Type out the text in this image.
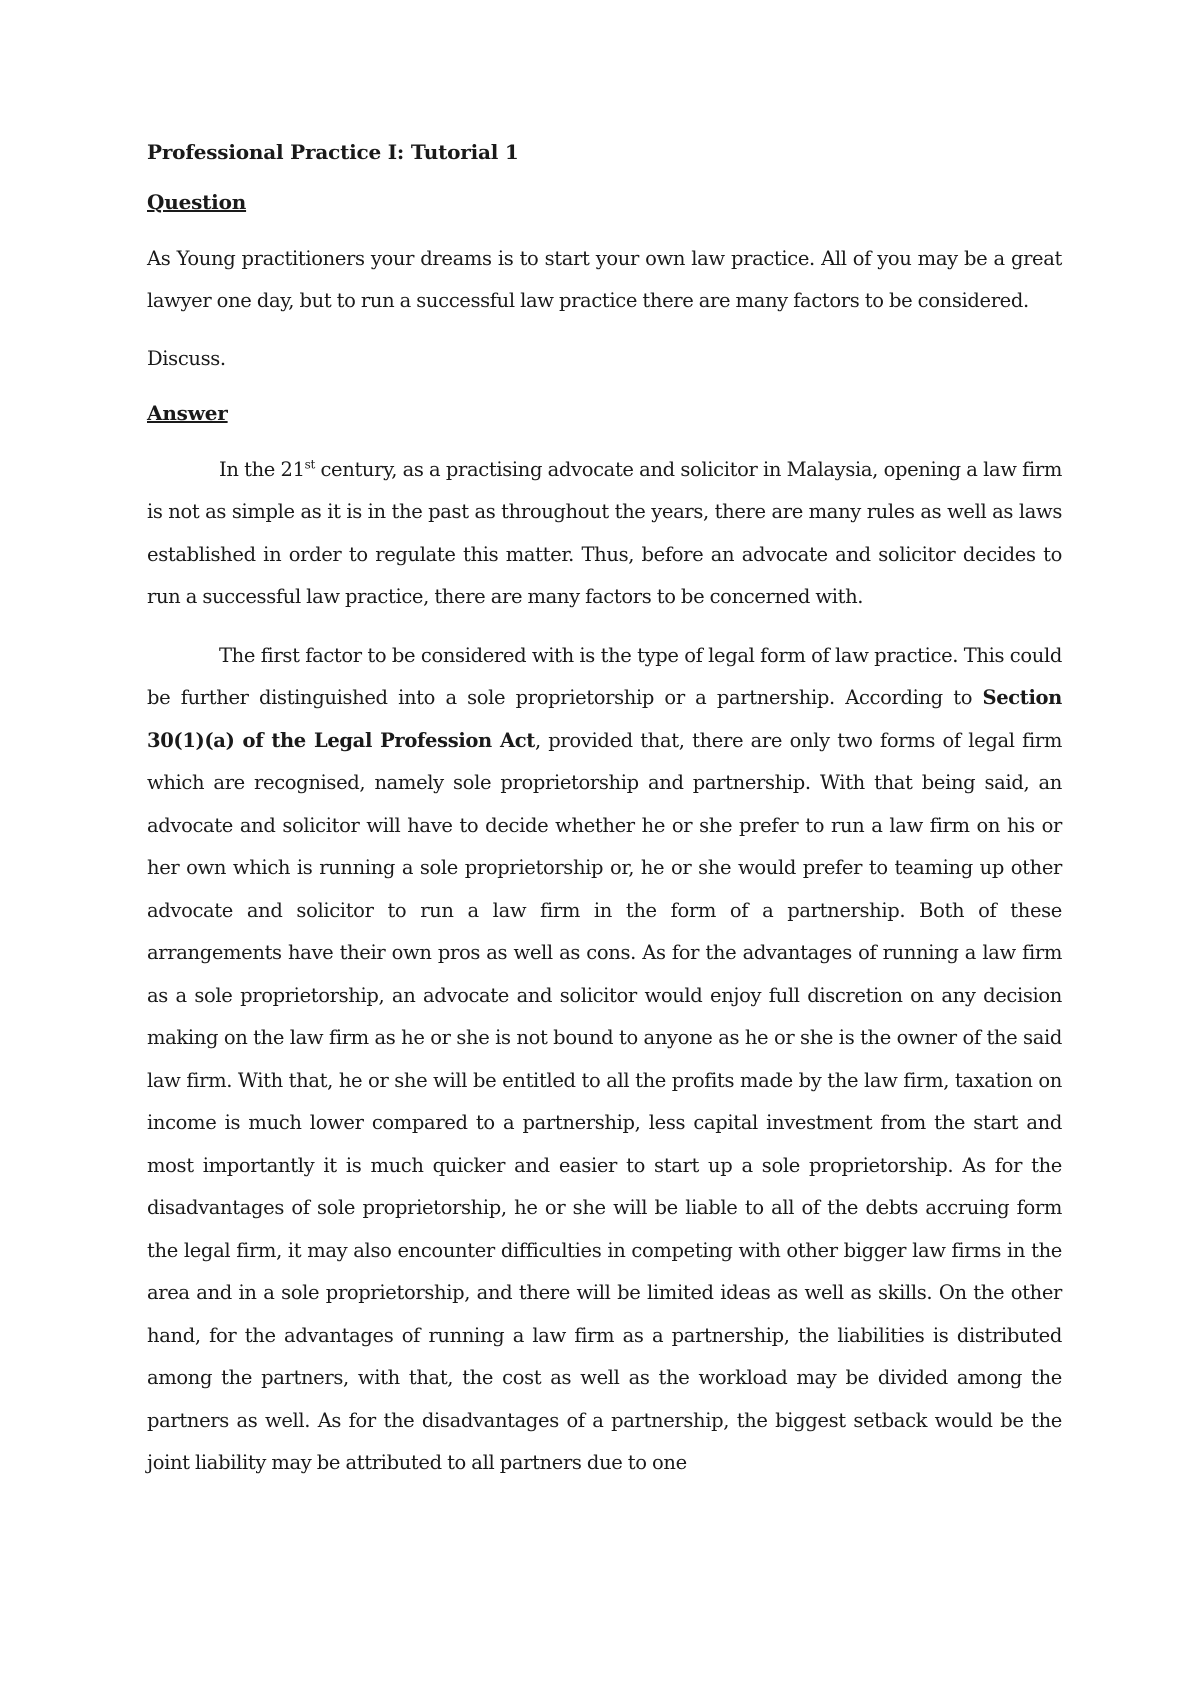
Professional Practice I: Tutorial 1
Question

As Young practitioners your dreams is to start your own law practice. All of you may be a great lawyer one day, but to run a successful law practice there are many factors to be considered.

Discuss.

Answer

In the 21st century, as a practising advocate and solicitor in Malaysia, opening a law firm is not as simple as it is in the past as throughout the years, there are many rules as well as laws established in order to regulate this matter. Thus, before an advocate and solicitor decides to run a successful law practice, there are many factors to be concerned with.

The first factor to be considered with is the type of legal form of law practice. This could be further distinguished into a sole proprietorship or a partnership. According to Section 30(1)(a) of the Legal Profession Act, provided that, there are only two forms of legal firm which are recognised, namely sole proprietorship and partnership. With that being said, an advocate and solicitor will have to decide whether he or she prefer to run a law firm on his or her own which is running a sole proprietorship or, he or she would prefer to teaming up other advocate and solicitor to run a law firm in the form of a partnership. Both of these arrangements have their own pros as well as cons. As for the advantages of running a law firm as a sole proprietorship, an advocate and solicitor would enjoy full discretion on any decision making on the law firm as he or she is not bound to anyone as he or she is the owner of the said law firm. With that, he or she will be entitled to all the profits made by the law firm, taxation on income is much lower compared to a partnership, less capital investment from the start and most importantly it is much quicker and easier to start up a sole proprietorship. As for the disadvantages of sole proprietorship, he or she will be liable to all of the debts accruing form the legal firm, it may also encounter difficulties in competing with other bigger law firms in the area and in a sole proprietorship, and there will be limited ideas as well as skills. On the other hand, for the advantages of running a law firm as a partnership, the liabilities is distributed among the partners, with that, the cost as well as the workload may be divided among the partners as well. As for the disadvantages of a partnership, the biggest setback would be the joint liability may be attributed to all partners due to one
